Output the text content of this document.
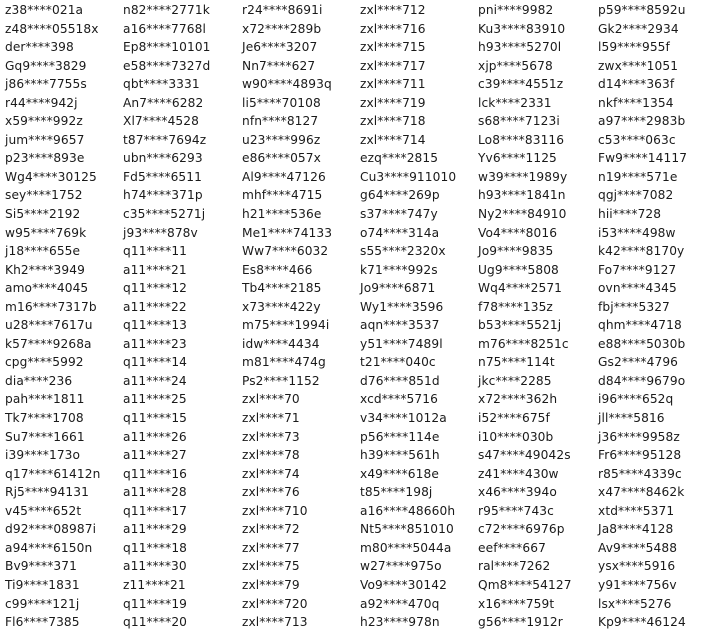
z38****021a
z48****05518x
der****398
Gq9****3829
j86****7755s
r44****942j
x59****992z
jum****9657
p23****893e
Wg4****30125
sey****1752
Si5****2192
w95****769k
j18****655e
Kh2****3949
amo****4045
m16****7317b
u28****7617u
k57****9268a
cpg****5992
dia****236
pah****1811
Tk7****1708
Su7****1661
i39****173o
q17****61412n
Rj5****94131
v45****652t
d92****08987i
a94****6150n
Bv9****371
Ti9****1831
c99****121j
Fl6****7385
n82****2771k
a16****7768l
Ep8****10101
e58****7327d
qbt****3331
An7****6282
Xl7****4528
t87****7694z
ubn****6293
Fd5****6511
h74****371p
c35****5271j
j93****878v
q11****11
a11****21
q11****12
a11****22
q11****13
a11****23
q11****14
a11****24
a11****25
q11****15
a11****26
a11****27
q11****16
a11****28
q11****17
a11****29
q11****18
a11****30
z11****21
q11****19
q11****20
r24****8691i
x72****289b
Je6****3207
Nn7****627
w90****4893q
li5****70108
nfn****8127
u23****996z
e86****057x
Al9****47126
mhf****4715
h21****536e
Me1****74133
Ww7****6032
Es8****466
Tb4****2185
x73****422y
m75****1994i
idw****4434
m81****474g
Ps2****1152
zxl****70
zxl****71
zxl****73
zxl****78
zxl****74
zxl****76
zxl****710
zxl****72
zxl****77
zxl****75
zxl****79
zxl****720
zxl****713
zxl****712
zxl****716
zxl****715
zxl****717
zxl****711
zxl****719
zxl****718
zxl****714
ezq****2815
Cu3****911010
g64****269p
s37****747y
o74****314a
s55****2320x
k71****992s
Jo9****6871
Wy1****3596
aqn****3537
y51****7489l
t21****040c
d76****851d
xcd****5716
v34****1012a
p56****114e
h39****561h
x49****618e
t85****198j
a16****48660h
Nt5****851010
m80****5044a
w27****975o
Vo9****30142
a92****470q
h23****978n
pni****9982
Ku3****83910
h93****5270l
xjp****5678
c39****4551z
lck****2331
s68****7123i
Lo8****83116
Yv6****1125
w39****1989y
h93****1841n
Ny2****84910
Vo4****8016
Jo9****9835
Ug9****5808
Wq4****2571
f78****135z
b53****5521j
m76****8251c
n75****114t
jkc****2285
x72****362h
i52****675f
i10****030b
s47****49042s
z41****430w
x46****394o
r95****743c
c72****6976p
eef****667
ral****7262
Qm8****54127
x16****759t
g56****1912r
p59****8592u
Gk2****2934
l59****955f
zwx****1051
d14****363f
nkf****1354
a97****2983b
c53****063c
Fw9****14117
n19****571e
qgj****7082
hii****728
i53****498w
k42****8170y
Fo7****9127
ovn****4345
fbj****5327
qhm****4718
e88****5030b
Gs2****4796
d84****9679o
i96****652q
jll****5816
j36****9958z
Fr6****95128
r85****4339c
x47****8462k
xtd****5371
Ja8****4128
Av9****5488
ysx****5916
y91****756v
lsx****5276
Kp9****46124
